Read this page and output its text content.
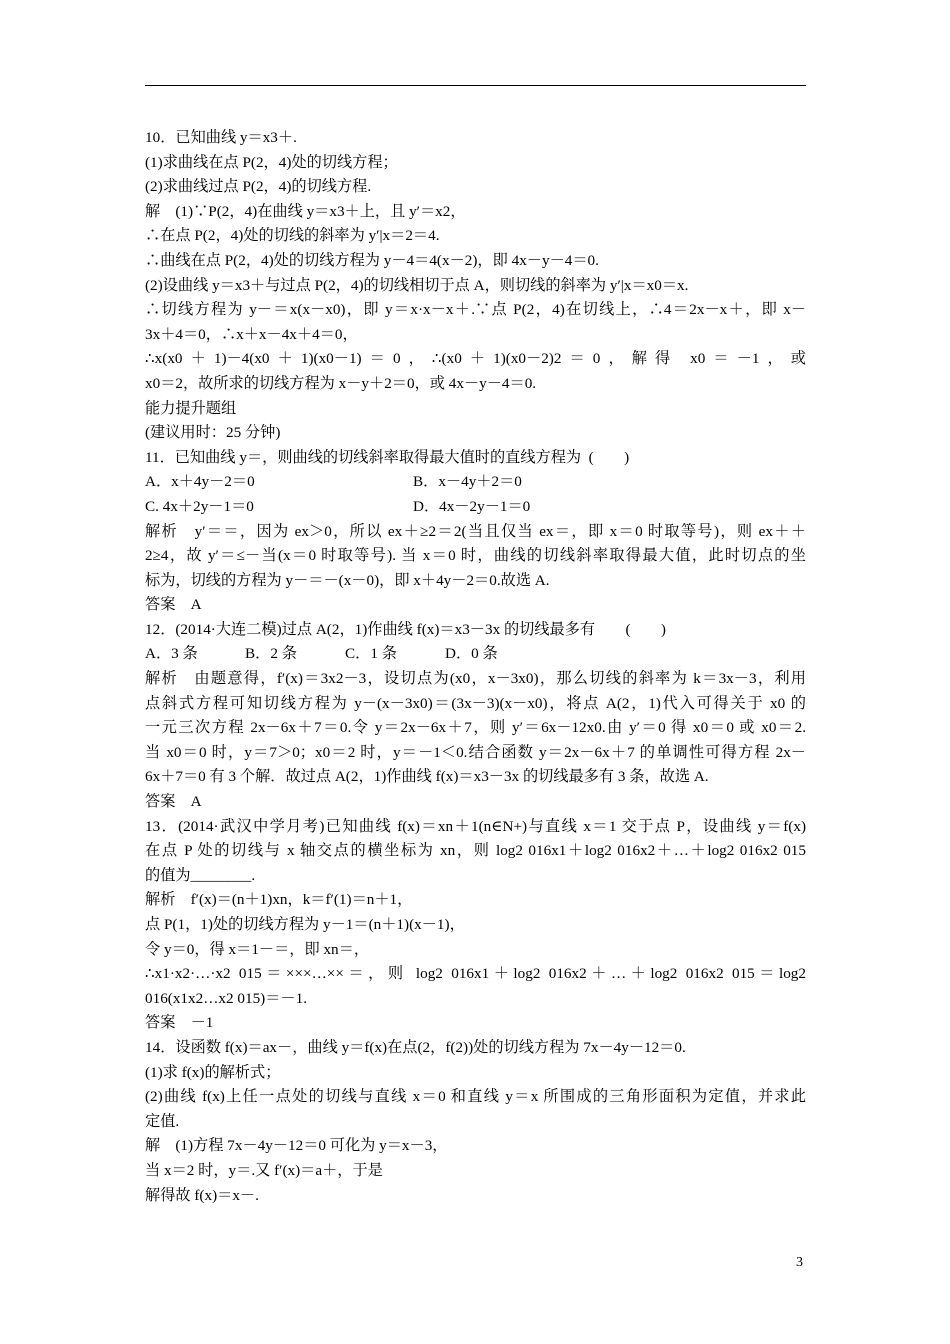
10．已知曲线 y＝x3＋.
(1)求曲线在点 P(2，4)处的切线方程；
(2)求曲线过点 P(2，4)的切线方程.
解　(1)∵P(2，4)在曲线 y＝x3＋上，且 y′＝x2，
∴在点 P(2，4)处的切线的斜率为 y′|x＝2＝4.
∴曲线在点 P(2，4)处的切线方程为 y－4＝4(x－2)，即 4x－y－4＝0.
(2)设曲线 y＝x3＋与过点 P(2，4)的切线相切于点 A，则切线的斜率为 y′|x＝x0＝x.
∴切线方程为 y－＝x(x－x0)，即 y＝x·x－x＋.∵点 P(2，4)在切线上，∴4＝2x－x＋，即 x－
3x＋4＝0，∴x＋x－4x＋4＝0，
∴x(x0＋1)－4(x0＋1)(x0－1)＝0，∴(x0＋1)(x0－2)2＝0，解得 x0＝－1，或
x0＝2，故所求的切线方程为 x－y＋2＝0，或 4x－y－4＝0.
能力提升题组
(建议用时：25 分钟)
11．已知曲线 y＝，则曲线的切线斜率取得最大值时的直线方程为  (　　)
A．x＋4y－2＝0	B．x－4y＋2＝0
C. 4x＋2y－1＝0	D．4x－2y－1＝0
解析　y′＝＝，因为 ex＞0，所以 ex＋≥2＝2(当且仅当 ex＝，即 x＝0 时取等号)，则 ex＋＋
2≥4，故 y′＝≤－当(x＝0 时取等号). 当 x＝0 时，曲线的切线斜率取得最大值，此时切点的坐
标为，切线的方程为 y－＝－(x－0)，即 x＋4y－2＝0.故选 A.
答案　A
12．(2014·大连二模)过点 A(2，1)作曲线 f(x)＝x3－3x 的切线最多有　　(　　)
A．3 条	B．2 条	C．1 条	D．0 条
解析　由题意得，f′(x)＝3x2－3，设切点为(x0，x－3x0)，那么切线的斜率为 k＝3x－3，利用
点斜式方程可知切线方程为 y－(x－3x0)＝(3x－3)(x－x0)，将点 A(2，1)代入可得关于 x0 的
一元三次方程 2x－6x＋7＝0.令 y＝2x－6x＋7，则 y′＝6x－12x0.由 y′＝0 得 x0＝0 或 x0＝2.
当 x0＝0 时，y＝7＞0；x0＝2 时，y＝－1＜0.结合函数 y＝2x－6x＋7 的单调性可得方程 2x－
6x＋7＝0 有 3 个解．故过点 A(2，1)作曲线 f(x)＝x3－3x 的切线最多有 3 条，故选 A.
答案　A
13．(2014·武汉中学月考)已知曲线 f(x)＝xn＋1(n∈N+)与直线 x＝1 交于点 P，设曲线 y＝f(x)
在点 P 处的切线与 x 轴交点的横坐标为 xn，则 log2 016x1＋log2 016x2＋…＋log2 016x2 015
的值为________.
解析　f′(x)＝(n＋1)xn，k＝f′(1)＝n＋1，
点 P(1，1)处的切线方程为 y－1＝(n＋1)(x－1)，
令 y＝0，得 x＝1－＝，即 xn＝，
∴x1·x2·…·x2 015＝×××…××＝，则 log2 016x1＋log2 016x2＋…＋log2 016x2 015＝log2
016(x1x2…x2 015)＝－1.
答案　－1
14．设函数 f(x)＝ax－，曲线 y＝f(x)在点(2，f(2))处的切线方程为 7x－4y－12＝0.
(1)求 f(x)的解析式；
(2)曲线 f(x)上任一点处的切线与直线 x＝0 和直线 y＝x 所围成的三角形面积为定值，并求此
定值.
解　(1)方程 7x－4y－12＝0 可化为 y＝x－3，
当 x＝2 时，y＝.又 f′(x)＝a＋，于是
解得故 f(x)＝x－.
3
